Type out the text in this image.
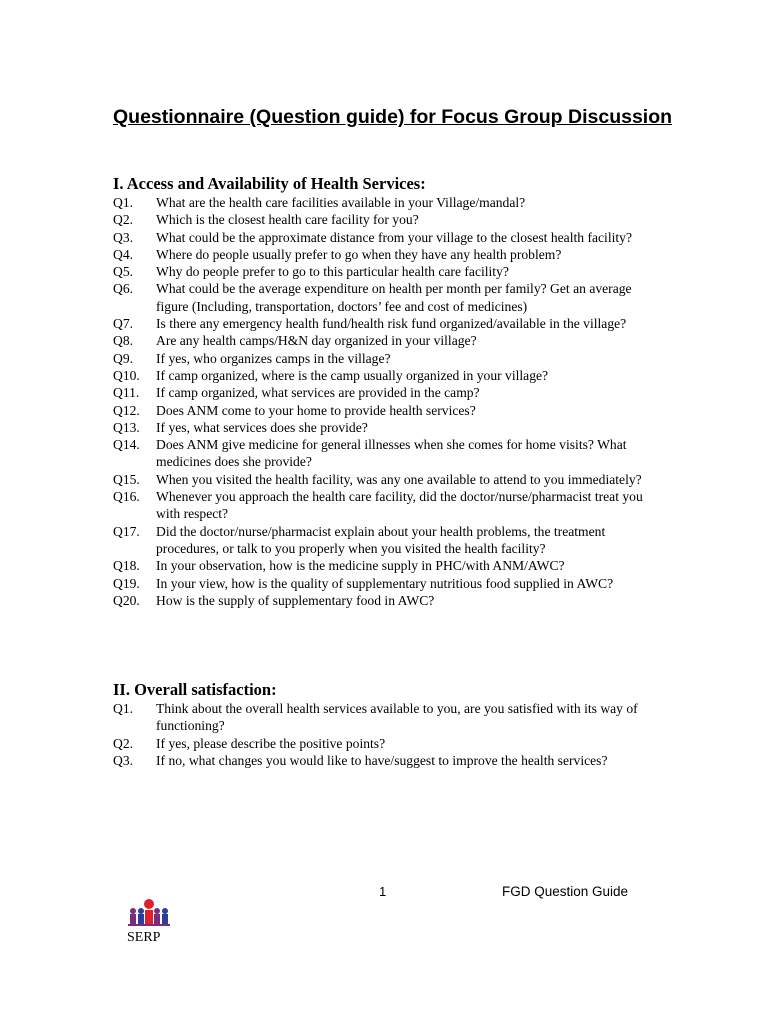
Questionnaire (Question guide) for Focus Group Discussion
I. Access and Availability of Health Services:
Q1.	What are the health care facilities available in your Village/mandal?
Q2.	Which is the closest health care facility for you?
Q3.	What could be the approximate distance from your village to the closest health facility?
Q4.	Where do people usually prefer to go when they have any health problem?
Q5.	Why do people prefer to go to this particular health care facility?
Q6.	What could be the average expenditure on health per month per family? Get an average figure (Including, transportation, doctors’ fee and cost of medicines)
Q7.	Is there any emergency health fund/health risk fund organized/available in the village?
Q8.	Are any health camps/H&N day organized in your village?
Q9.	If yes, who organizes camps in the village?
Q10.	If camp organized, where is the camp usually organized in your village?
Q11.	If camp organized, what services are provided in the camp?
Q12.	Does ANM come to your home to provide health services?
Q13.	If yes, what services does she provide?
Q14.	Does ANM give medicine for general illnesses when she comes for home visits? What medicines does she provide?
Q15.	When you visited the health facility, was any one available to attend to you immediately?
Q16.	Whenever you approach the health care facility, did the doctor/nurse/pharmacist treat you with respect?
Q17.	Did the doctor/nurse/pharmacist explain about your health problems, the treatment procedures, or talk to you properly when you visited the health facility?
Q18.	In your observation, how is the medicine supply in PHC/with ANM/AWC?
Q19.	In your view, how is the quality of supplementary nutritious food supplied in AWC?
Q20.	How is the supply of supplementary food in AWC?
II. Overall satisfaction:
Q1.	Think about the overall health services available to you, are you satisfied with its way of functioning?
Q2.	If yes, please describe the positive points?
Q3.	If no, what changes you would like to have/suggest to improve the health services?
1	FGD Question Guide
SERP
